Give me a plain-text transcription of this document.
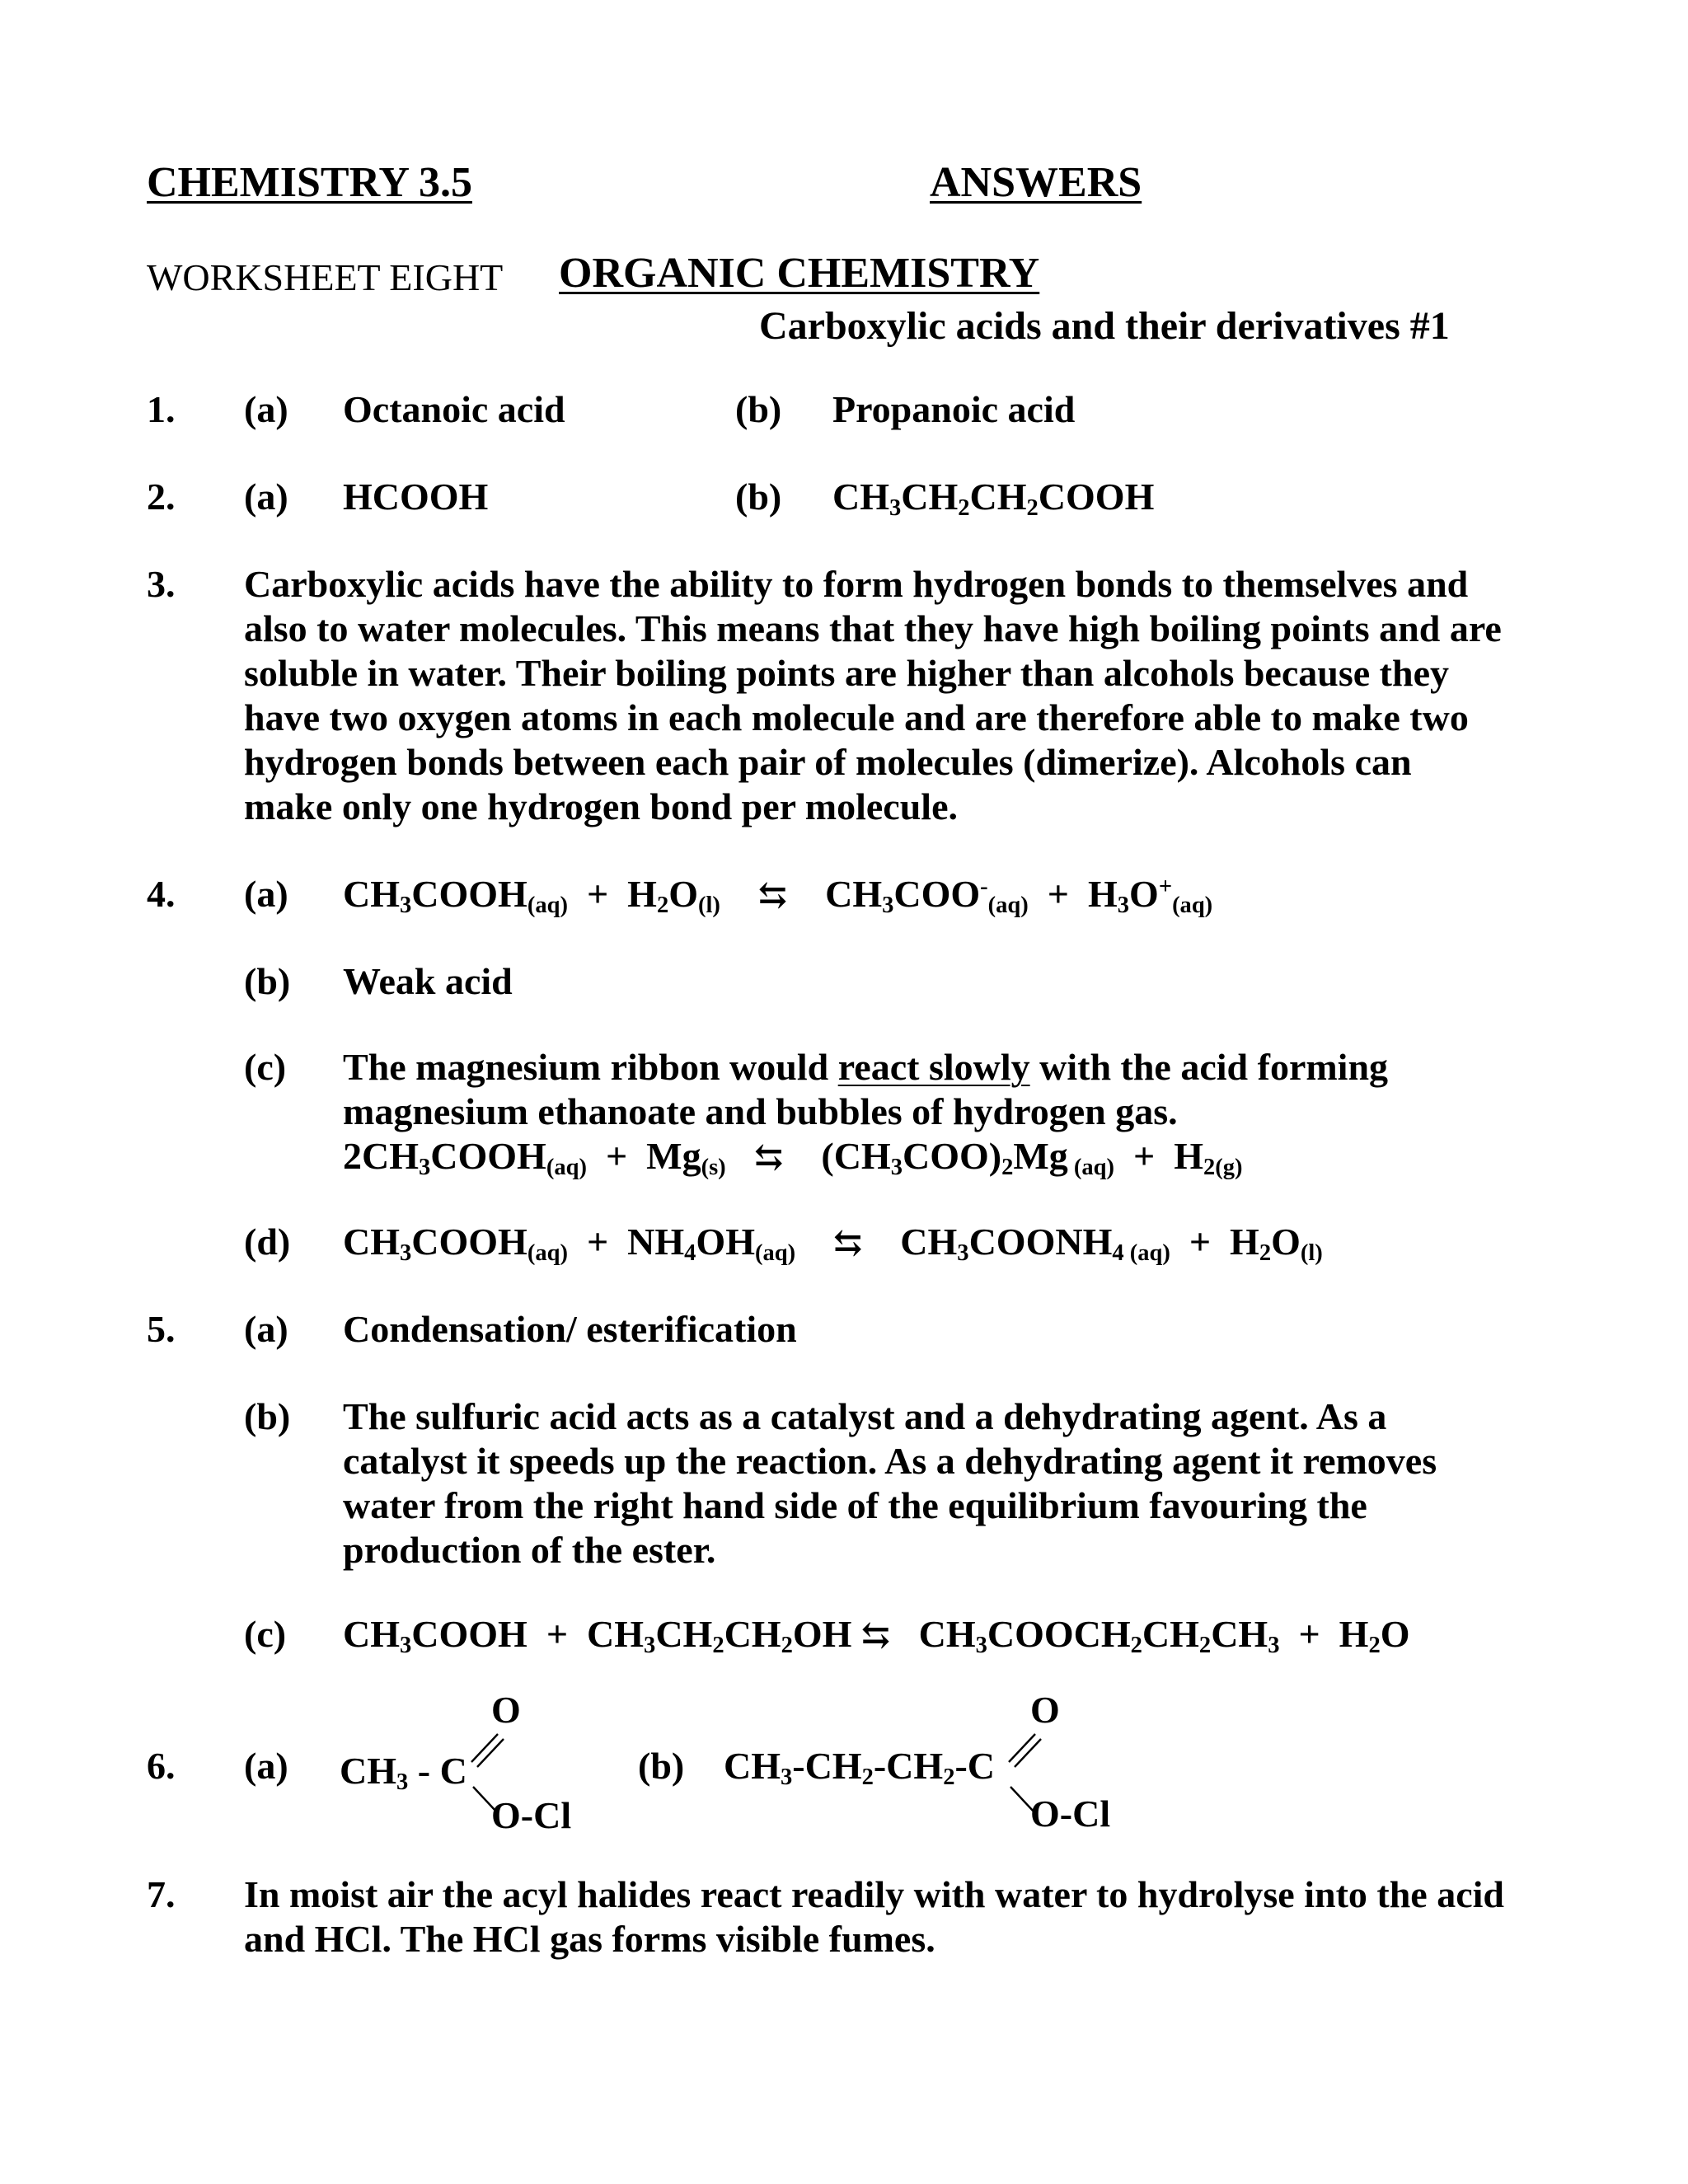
CHEMISTRY 3.5	ANSWERS
WORKSHEET EIGHT ORGANIC CHEMISTRY
Carboxylic acids and their derivatives #1
1. (a) Octanoic acid	(b) Propanoic acid
2. (a) HCOOH	(b) $CH_3CH_2CH_2COOH$
3. Carboxylic acids have the ability to form hydrogen bonds to themselves and
also to water molecules. This means that they have high boiling points and are
soluble in water. Their boiling points are higher than alcohols because they
have two oxygen atoms in each molecule and are therefore able to make two
hydrogen bonds between each pair of molecules (dimerize). Alcohols can
make only one hydrogen bond per molecule.
4. (a) $CH_3COOH_{(aq)} + H_2O_{(l)}$ ⇆    $CH_3COO^-_{(aq)} + H_3O^+_{(aq)}$
(b) Weak acid
(c) The magnesium ribbon would react slowly with the acid forming
magnesium ethanoate and bubbles of hydrogen gas.
$2CH_3COOH_{(aq)} + Mg_{(s)}$ ⇆    $(CH_3COO)_2Mg$ $_{(aq)} + H_{2(g)}$
(d) $CH_3COOH_{(aq)} + NH_4OH_{(aq)}$ ⇆    $CH_3COONH_{4 (aq)} + H_2O_{(l)}$
5. (a) Condensation/ esterification
(b) The sulfuric acid acts as a catalyst and a dehydrating agent. As a
catalyst it speeds up the reaction. As a dehydrating agent it removes
water from the right hand side of the equilibrium favouring the
production of the ester.
(c) $CH_3COOH + CH_3CH_2CH_2OH$ ⇆   $CH_3COOCH_2CH_2CH_3 + H_2O$
6. (a) $CH_3$ - C
O
O-Cl
(b) $CH_3-CH_2-CH_2-C$
O
O-Cl
7. In moist air the acyl halides react readily with water to hydrolyse into the acid
and HCl. The HCl gas forms visible fumes.
